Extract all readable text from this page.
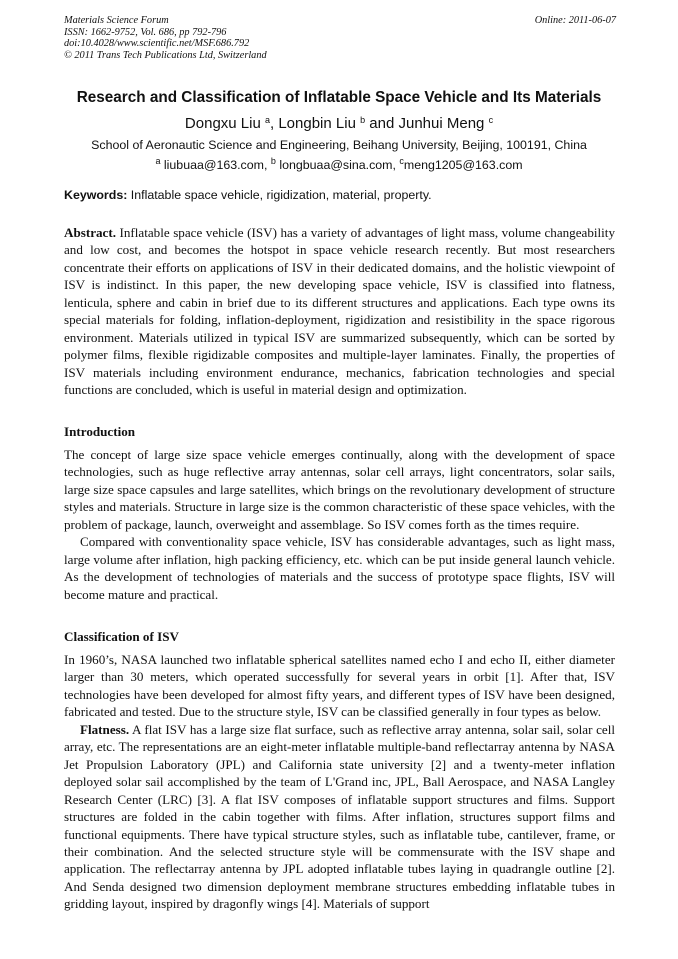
Materials Science Forum
ISSN: 1662-9752, Vol. 686, pp 792-796
doi:10.4028/www.scientific.net/MSF.686.792
© 2011 Trans Tech Publications Ltd, Switzerland
Online: 2011-06-07
Research and Classification of Inflatable Space Vehicle and Its Materials
Dongxu Liu $^a$, Longbin Liu $^b$ and Junhui Meng $^c$
School of Aeronautic Science and Engineering, Beihang University, Beijing, 100191, China
$^a$ liubuaa@163.com, $^b$ longbuaa@sina.com, $^c$meng1205@163.com
Keywords: Inflatable space vehicle, rigidization, material, property.

Abstract. Inflatable space vehicle (ISV) has a variety of advantages of light mass, volume changeability and low cost, and becomes the hotspot in space vehicle research recently. But most researchers concentrate their efforts on applications of ISV in their dedicated domains, and the holistic viewpoint of ISV is indistinct. In this paper, the new developing space vehicle, ISV is classified into flatness, lenticula, sphere and cabin in brief due to its different structures and applications. Each type owns its special materials for folding, inflation-deployment, rigidization and resistibility in the space rigorous environment. Materials utilized in typical ISV are summarized subsequently, which can be sorted by polymer films, flexible rigidizable composites and multiple-layer laminates. Finally, the properties of ISV materials including environment endurance, mechanics, fabrication technologies and special functions are concluded, which is useful in material design and optimization.

Introduction

The concept of large size space vehicle emerges continually, along with the development of space technologies, such as huge reflective array antennas, solar cell arrays, light concentrators, solar sails, large size space capsules and large satellites, which brings on the revolutionary development of structure styles and materials. Structure in large size is the common characteristic of these space vehicles, with the problem of package, launch, overweight and assemblage. So ISV comes forth as the times require.

Compared with conventionality space vehicle, ISV has considerable advantages, such as light mass, large volume after inflation, high packing efficiency, etc. which can be put inside general launch vehicle. As the development of technologies of materials and the success of prototype space flights, ISV will become mature and practical.

Classification of ISV

In 1960’s, NASA launched two inflatable spherical satellites named echo I and echo II, either diameter larger than 30 meters, which operated successfully for several years in orbit [1]. After that, ISV technologies have been developed for almost fifty years, and different types of ISV have been designed, fabricated and tested. Due to the structure style, ISV can be classified generally in four types as below.

Flatness. A flat ISV has a large size flat surface, such as reflective array antenna, solar sail, solar cell array, etc. The representations are an eight-meter inflatable multiple-band reflectarray antenna by NASA Jet Propulsion Laboratory (JPL) and California state university [2] and a twenty-meter inflation deployed solar sail accomplished by the team of L'Grand inc, JPL, Ball Aerospace, and NASA Langley Research Center (LRC) [3]. A flat ISV composes of inflatable support structures and films. Support structures are folded in the cabin together with films. After inflation, structures support films and functional equipments. There have typical structure styles, such as inflatable tube, cantilever, frame, or their combination. And the selected structure style will be commensurate with the ISV shape and application. The reflectarray antenna by JPL adopted inflatable tubes laying in quadrangle outline [2]. And Senda designed two dimension deployment membrane structures embedding inflatable tubes in gridding layout, inspired by dragonfly wings [4]. Materials of support
